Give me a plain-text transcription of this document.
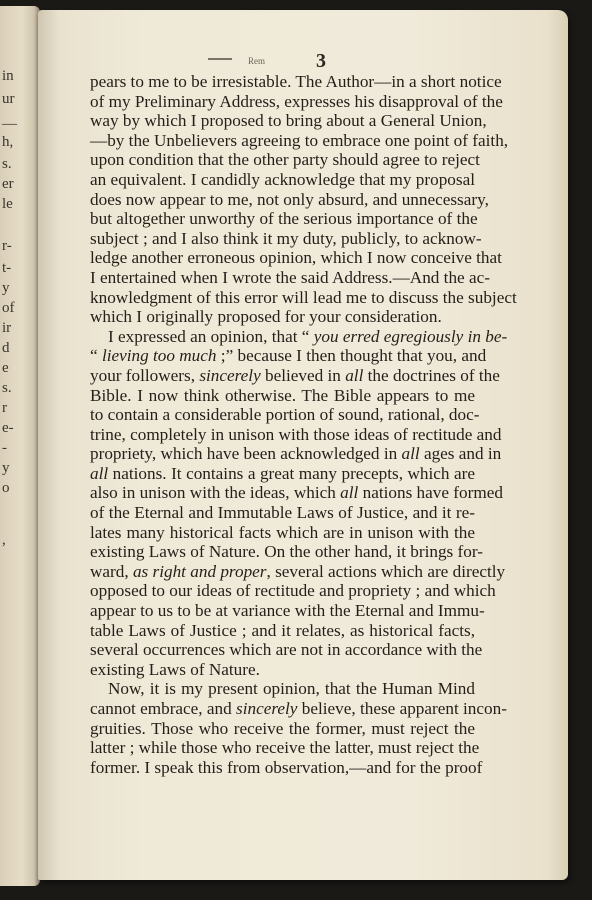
in
ur
—
h,
s.
er
le
r-
t-
y
of
ir
d
e
s.
r
e-
-
y
o
,
Rem	3
pears to me to be irresistable. The Author—in a short notice
of my Preliminary Address, expresses his disapproval of the
way by which I proposed to bring about a General Union,
—by the Unbelievers agreeing to embrace one point of faith,
upon condition that the other party should agree to reject
an equivalent. I candidly acknowledge that my proposal
does now appear to me, not only absurd, and unnecessary,
but altogether unworthy of the serious importance of the
subject ; and I also think it my duty, publicly, to acknow-
ledge another erroneous opinion, which I now conceive that
I entertained when I wrote the said Address.—And the ac-
knowledgment of this error will lead me to discuss the subject
which I originally proposed for your consideration.
I expressed an opinion, that “ you erred egregiously in be-
“ lieving too much ;” because I then thought that you, and
your followers, sincerely believed in all the doctrines of the
Bible. I now think otherwise. The Bible appears to me
to contain a considerable portion of sound, rational, doc-
trine, completely in unison with those ideas of rectitude and
propriety, which have been acknowledged in all ages and in
all nations. It contains a great many precepts, which are
also in unison with the ideas, which all nations have formed
of the Eternal and Immutable Laws of Justice, and it re-
lates many historical facts which are in unison with the
existing Laws of Nature. On the other hand, it brings for-
ward, as right and proper, several actions which are directly
opposed to our ideas of rectitude and propriety ; and which
appear to us to be at variance with the Eternal and Immu-
table Laws of Justice ; and it relates, as historical facts,
several occurrences which are not in accordance with the
existing Laws of Nature.
Now, it is my present opinion, that the Human Mind
cannot embrace, and sincerely believe, these apparent incon-
gruities. Those who receive the former, must reject the
latter ; while those who receive the latter, must reject the
former. I speak this from observation,—and for the proof
